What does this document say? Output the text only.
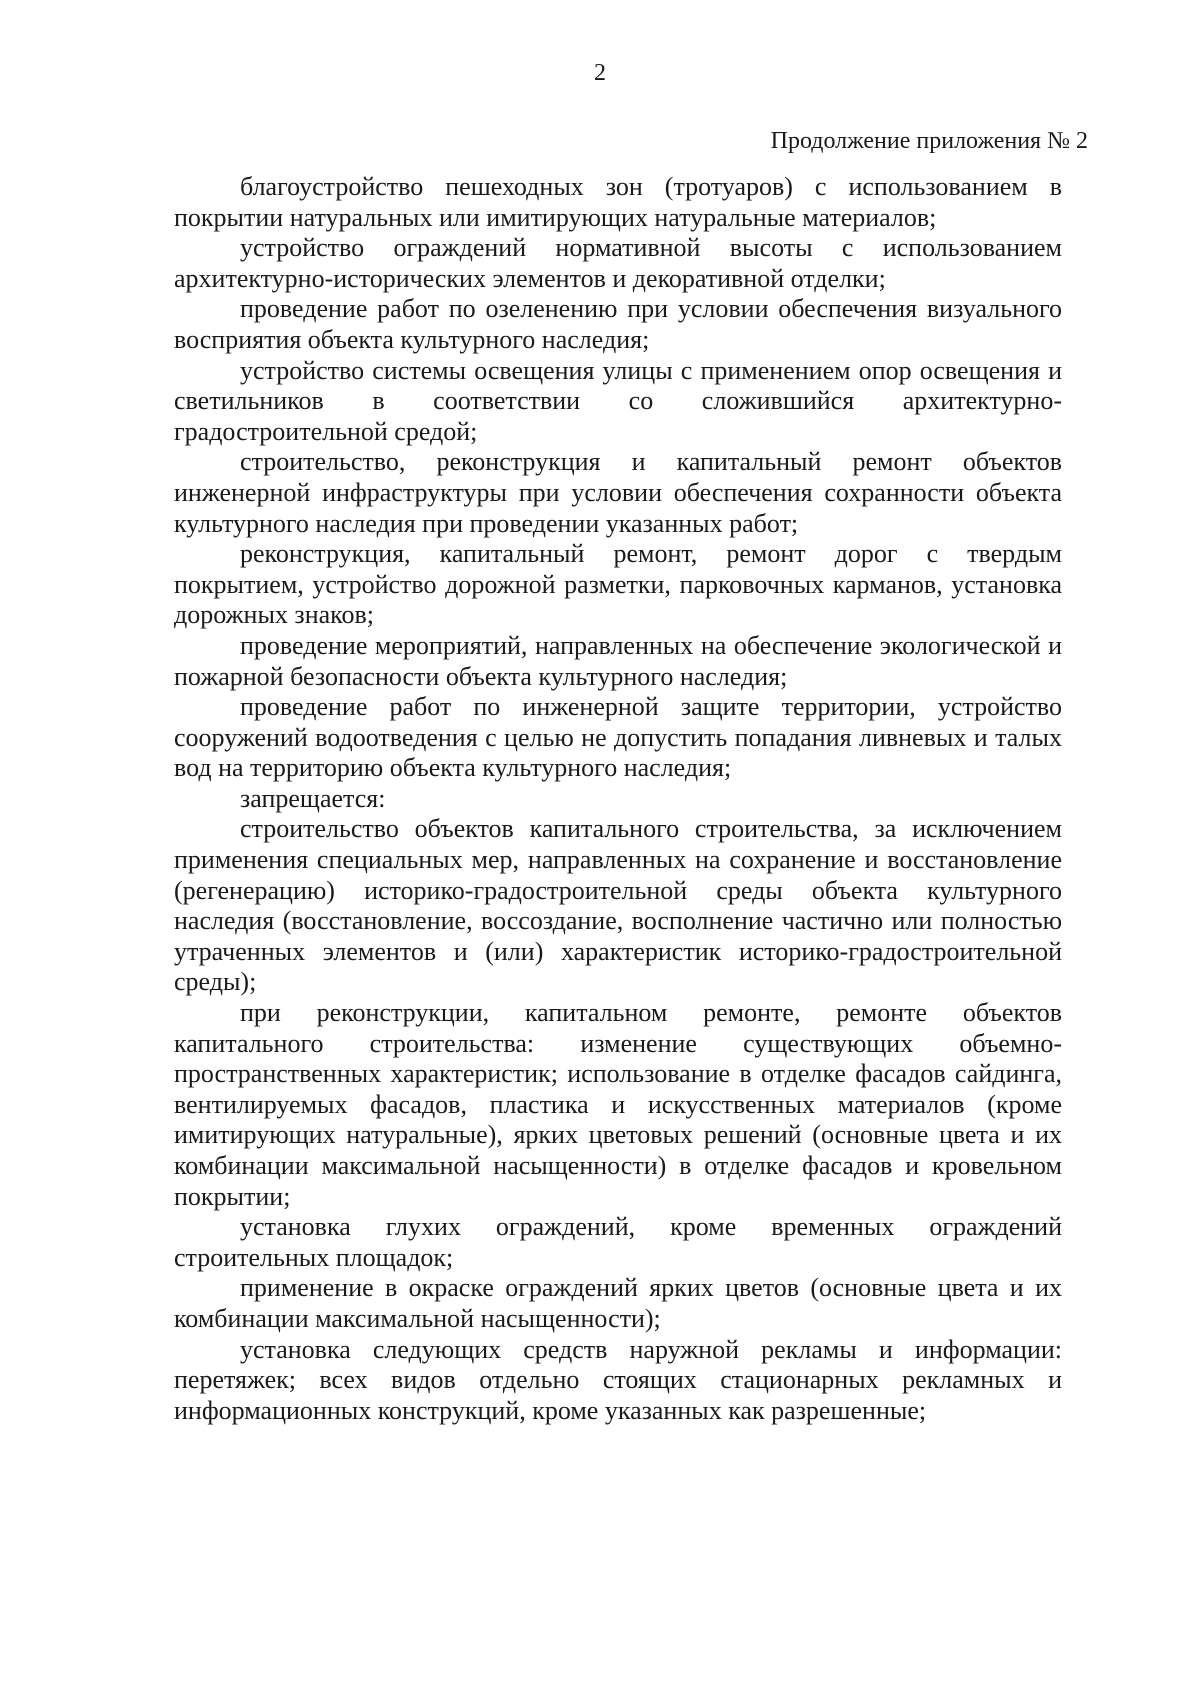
2
Продолжение приложения № 2

благоустройство пешеходных зон (тротуаров) с использованием в покрытии натуральных или имитирующих натуральные материалов;

устройство ограждений нормативной высоты с использованием архитектурно-исторических элементов и декоративной отделки;

проведение работ по озеленению при условии обеспечения визуального восприятия объекта культурного наследия;

устройство системы освещения улицы с применением опор освещения и светильников в соответствии со сложившийся архитектурно-градостроительной средой;

строительство, реконструкция и капитальный ремонт объектов инженерной инфраструктуры при условии обеспечения сохранности объекта культурного наследия при проведении указанных работ;

реконструкция, капитальный ремонт, ремонт дорог с твердым покрытием, устройство дорожной разметки, парковочных карманов, установка дорожных знаков;

проведение мероприятий, направленных на обеспечение экологической и пожарной безопасности объекта культурного наследия;

проведение работ по инженерной защите территории, устройство сооружений водоотведения с целью не допустить попадания ливневых и талых вод на территорию объекта культурного наследия;

запрещается:

строительство объектов капитального строительства, за исключением применения специальных мер, направленных на сохранение и восстановление (регенерацию) историко-градостроительной среды объекта культурного наследия (восстановление, воссоздание, восполнение частично или полностью утраченных элементов и (или) характеристик историко-градостроительной среды);

при реконструкции, капитальном ремонте, ремонте объектов капитального строительства: изменение существующих объемно-пространственных характеристик; использование в отделке фасадов сайдинга, вентилируемых фасадов, пластика и искусственных материалов (кроме имитирующих натуральные), ярких цветовых решений (основные цвета и их комбинации максимальной насыщенности) в отделке фасадов и кровельном покрытии;

установка глухих ограждений, кроме временных ограждений строительных площадок;

применение в окраске ограждений ярких цветов (основные цвета и их комбинации максимальной насыщенности);

установка следующих средств наружной рекламы и информации: перетяжек; всех видов отдельно стоящих стационарных рекламных и информационных конструкций, кроме указанных как разрешенные;
